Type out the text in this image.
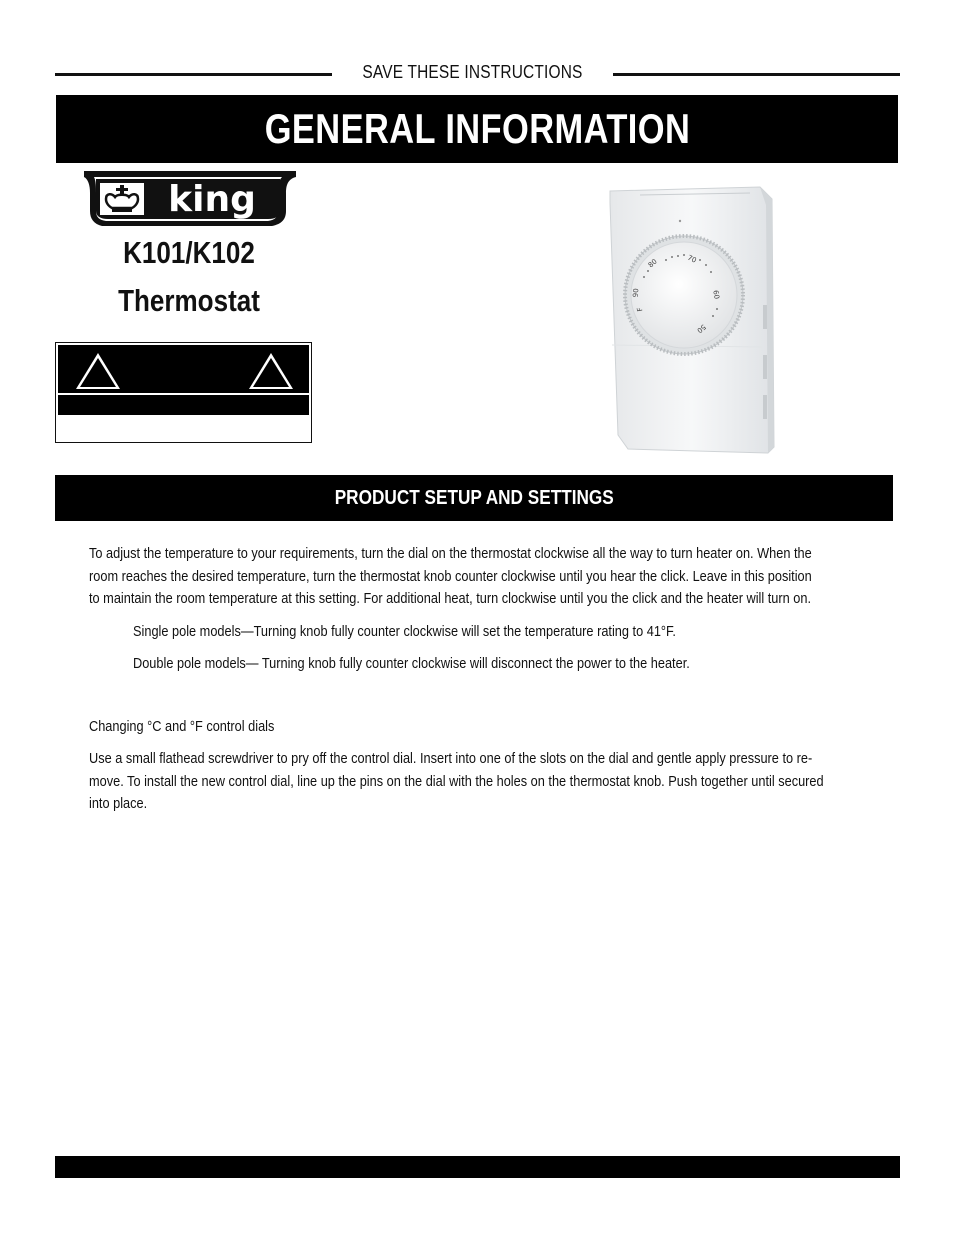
SAVE THESE INSTRUCTIONS
GENERAL INFORMATION
king
K101/K102
Thermostat
80	70
60
50
90
F
PRODUCT SETUP AND SETTINGS
To adjust the temperature to your requirements, turn the dial on the thermostat clockwise all the way to turn heater on. When the
room reaches the desired temperature, turn the thermostat knob counter clockwise until you hear the click. Leave in this position
to maintain the room temperature at this setting. For additional heat, turn clockwise until you the click and the heater will turn on.
Single pole models—Turning knob fully counter clockwise will set the temperature rating to 41°F.
Double pole models— Turning knob fully counter clockwise will disconnect the power to the heater.
Changing °C and °F control dials
Use a small flathead screwdriver to pry off the control dial. Insert into one of the slots on the dial and gentle apply pressure to re-
move. To install the new control dial, line up the pins on the dial with the holes on the thermostat knob. Push together until secured
into place.
